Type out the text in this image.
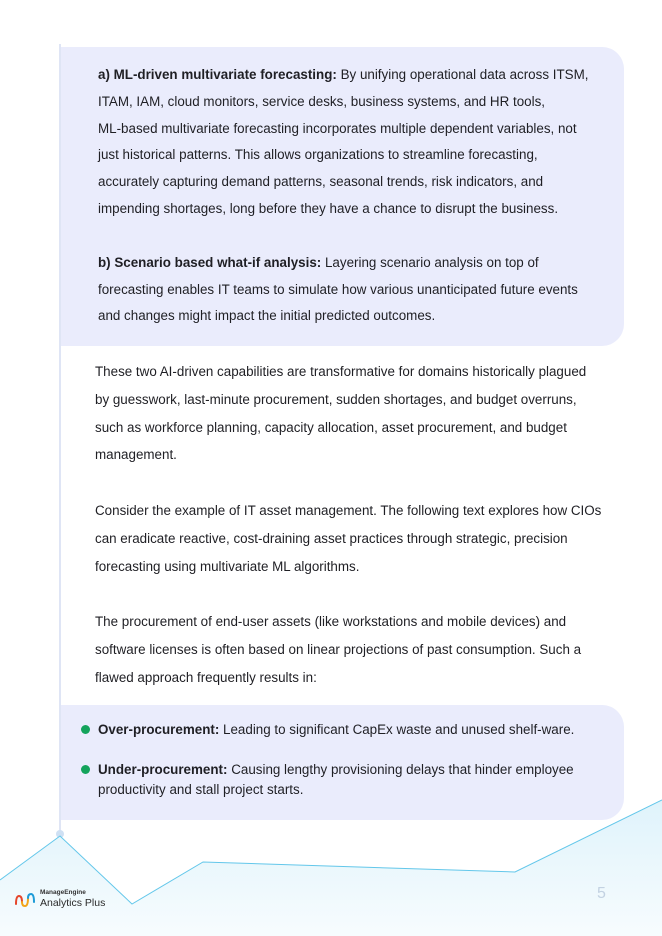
a) ML-driven multivariate forecasting: By unifying operational data across ITSM,
ITAM, IAM, cloud monitors, service desks, business systems, and HR tools,
ML-based multivariate forecasting incorporates multiple dependent variables, not
just historical patterns. This allows organizations to streamline forecasting,
accurately capturing demand patterns, seasonal trends, risk indicators, and
impending shortages, long before they have a chance to disrupt the business.

b) Scenario based what-if analysis: Layering scenario analysis on top of
forecasting enables IT teams to simulate how various unanticipated future events
and changes might impact the initial predicted outcomes.

These two AI-driven capabilities are transformative for domains historically plagued
by guesswork, last-minute procurement, sudden shortages, and budget overruns,
such as workforce planning, capacity allocation, asset procurement, and budget
management.

Consider the example of IT asset management. The following text explores how CIOs
can eradicate reactive, cost-draining asset practices through strategic, precision
forecasting using multivariate ML algorithms.

The procurement of end-user assets (like workstations and mobile devices) and
software licenses is often based on linear projections of past consumption. Such a
flawed approach frequently results in:

Over-procurement: Leading to significant CapEx waste and unused shelf-ware.
Under-procurement: Causing lengthy provisioning delays that hinder employee
productivity and stall project starts.
ManageEngine
Analytics Plus
5
